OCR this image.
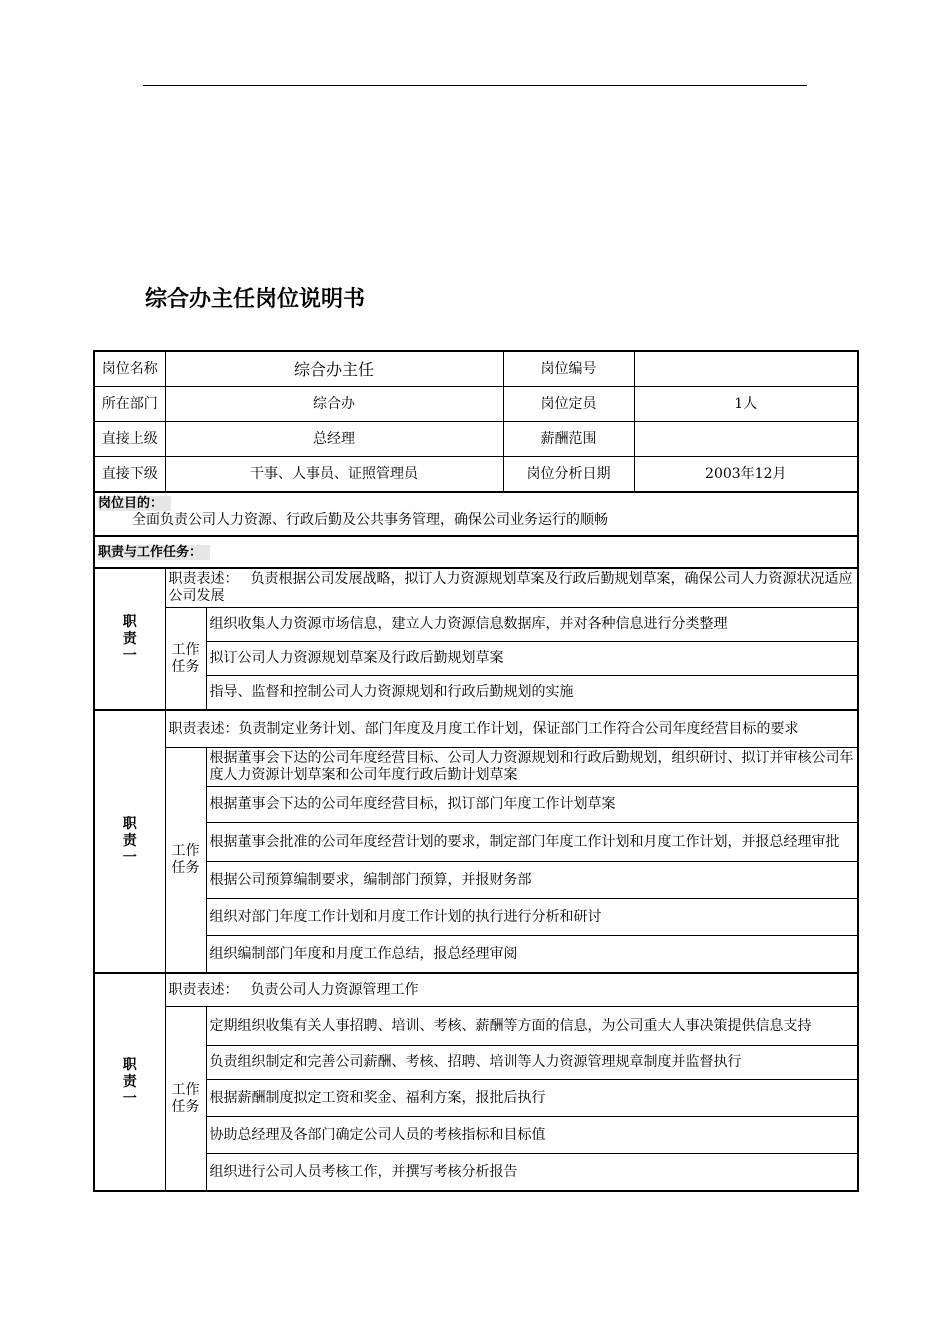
综合办主任岗位说明书
岗位名称	综合办主任		岗位编号	
所在部门	综合办		岗位定员	1人
直接上级	总经理		薪酬范围	
直接下级	干事、人事员、证照管理员		岗位分析日期	2003年12月

岗位目的：
全面负责公司人力资源、行政后勤及公共事务管理，确保公司业务运行的顺畅				

职责与工作任务：				

职
责
一	职责表述： 负责根据公司发展战略，拟订人力资源规划草案及行政后勤规划草案，确保公司人力资源状况适应公司发展			

	工作
任务	组织收集人力资源市场信息，建立人力资源信息数据库，并对各种信息进行分类整理		
		拟订公司人力资源规划草案及行政后勤规划草案		
		指导、监督和控制公司人力资源规划和行政后勤规划的实施		

职
责
一	职责表述：负责制定业务计划、部门年度及月度工作计划，保证部门工作符合公司年度经营目标的要求			

	工作
任务	根据董事会下达的公司年度经营目标、公司人力资源规划和行政后勤规划，组织研讨、拟订并审核公司年度人力资源计划草案和公司年度行政后勤计划草案		
		根据董事会下达的公司年度经营目标，拟订部门年度工作计划草案		
		根据董事会批准的公司年度经营计划的要求，制定部门年度工作计划和月度工作计划，并报总经理审批		
		根据公司预算编制要求，编制部门预算，并报财务部		
		组织对部门年度工作计划和月度工作计划的执行进行分析和研讨		
		组织编制部门年度和月度工作总结，报总经理审阅		

职
责
一	职责表述： 负责公司人力资源管理工作			

	工作
任务	定期组织收集有关人事招聘、培训、考核、薪酬等方面的信息，为公司重大人事决策提供信息支持		
		负责组织制定和完善公司薪酬、考核、招聘、培训等人力资源管理规章制度并监督执行		
		根据薪酬制度拟定工资和奖金、福利方案，报批后执行		
		协助总经理及各部门确定公司人员的考核指标和目标值		
		组织进行公司人员考核工作，并撰写考核分析报告		
